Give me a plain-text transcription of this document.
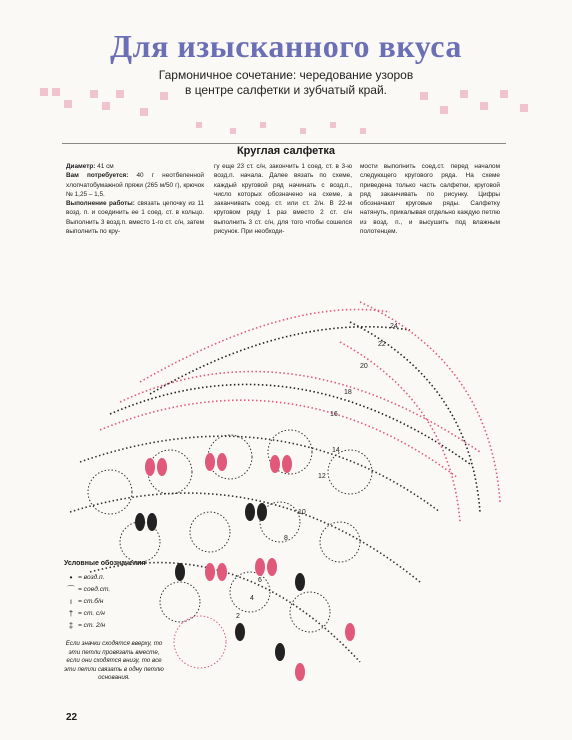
Для изысканного вкуса
Гармоничное сочетание: чередование узоров
в центре салфетки и зубчатый край.
Круглая салфетка
Диаметр: 41 см
Вам потребуется: 40 г неотбеленной хлопчатобумажной пряжи (265 м/50 г), крючок № 1,25 – 1,5.
Выполнение работы: связать цепочку из 11 возд. п. и соединить ее 1 соед. ст. в кольцо. Выполнить 3 возд.п. вместо 1-го ст. с/н, затем выполнить по кру-
гу еще 23 ст. с/н, закончить 1 соед. ст. в 3-ю возд.п. начала. Далее вязать по схеме, каждый круговой ряд начинать с возд.п., число которых обозначено на схеме, а заканчивать соед. ст. или ст. 2/н. В 22-м круговом ряду 1 раз вместо 2 ст. с/н выполнить 3 ст. с/н, для того чтобы сошелся рисунок. При необходи-
мости выполнить соед.ст. перед началом следующего кругового ряда. На схеме приведена только часть салфетки, круговой ряд заканчивать по рисунку. Цифры обозначают круговые ряды. Салфетку натянуть, прикалывая отдельно каждую петлю из возд. п., и высушить под влажным полотенцем.
24
22
20
18
16
14
12
10
8
6
4
2
Условные обозначения
• = возд.п.
⌒ = соед.ст.
ı = ст.б/н
† = ст. с/н
‡ = ст. 2/н
Если значки сходятся вверху, то эти петли провязать вместе, если они сходятся внизу, то все эти петли связать в одну петлю основания.
22
